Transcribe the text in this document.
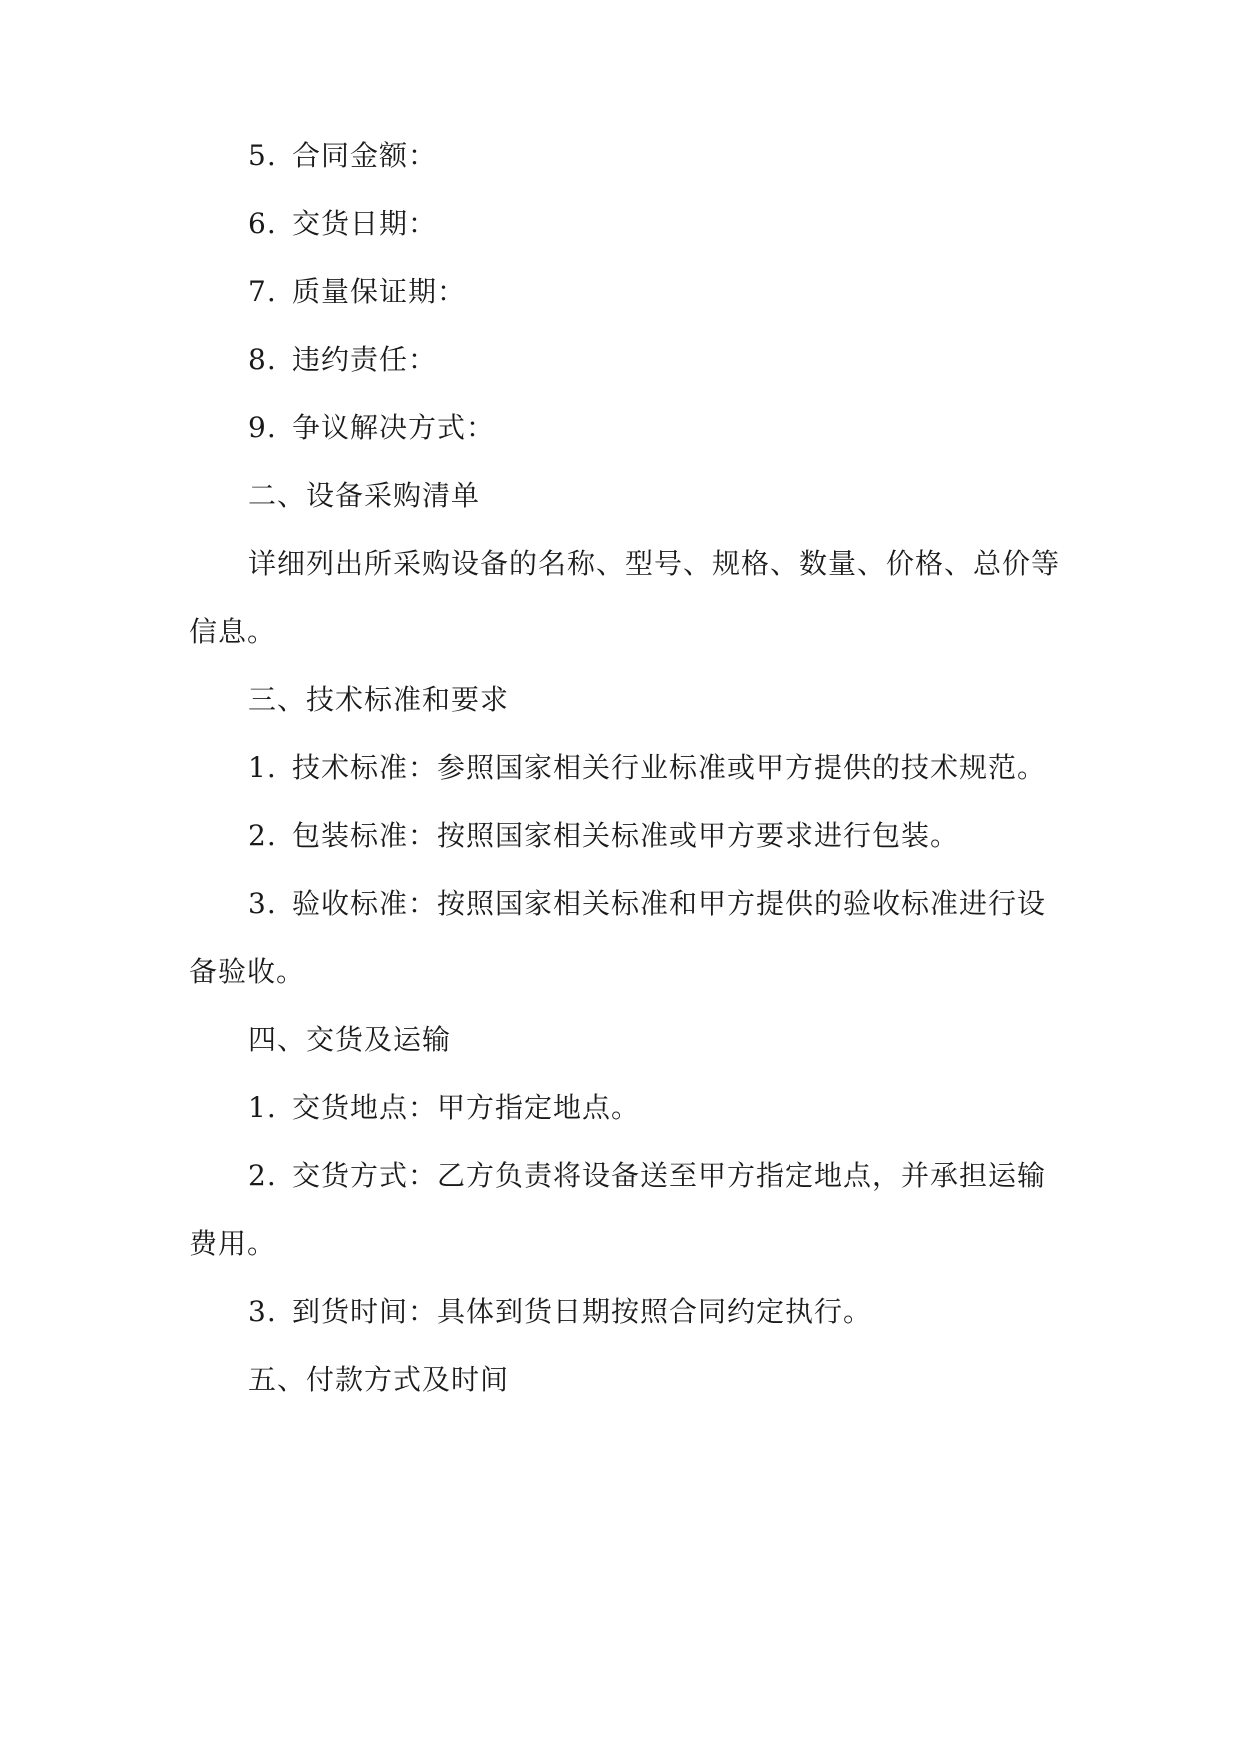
5. 合同金额：
6. 交货日期：
7. 质量保证期：
8. 违约责任：
9. 争议解决方式：
二、设备采购清单
详细列出所采购设备的名称、型号、规格、数量、价格、总价等
信息。
三、技术标准和要求
1. 技术标准：参照国家相关行业标准或甲方提供的技术规范。
2. 包装标准：按照国家相关标准或甲方要求进行包装。
3. 验收标准：按照国家相关标准和甲方提供的验收标准进行设
备验收。
四、交货及运输
1. 交货地点：甲方指定地点。
2. 交货方式：乙方负责将设备送至甲方指定地点，并承担运输
费用。
3. 到货时间：具体到货日期按照合同约定执行。
五、付款方式及时间
